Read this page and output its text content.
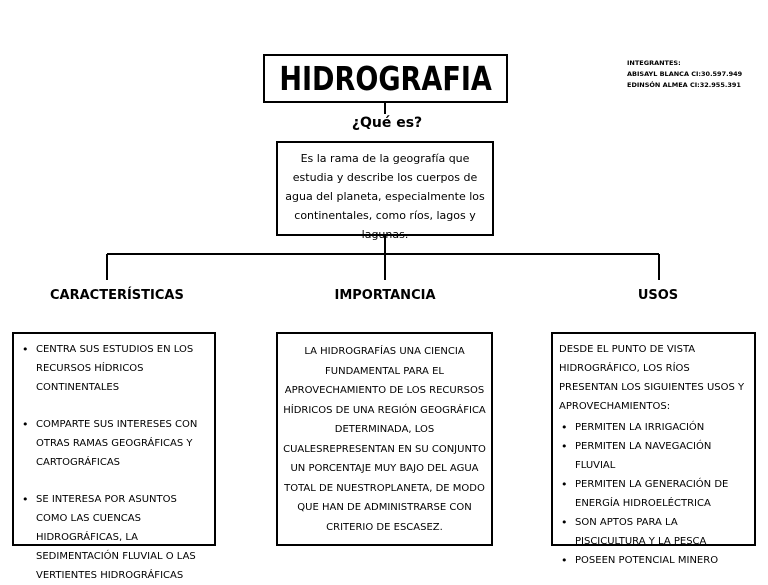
HIDROGRAFIA
¿Qué es?
INTEGRANTES:
ABISAYL BLANCA CI:30.597.949
EDINSÓN ALMEA CI:32.955.391
Es la rama de la geografía que estudia y describe los cuerpos de agua del planeta, especialmente los continentales, como ríos, lagos y lagunas.
CARACTERÍSTICAS	IMPORTANCIA	USOS
• CENTRA SUS ESTUDIOS EN LOS RECURSOS HÍDRICOS CONTINENTALES
• COMPARTE SUS INTERESES CON OTRAS RAMAS GEOGRÁFICAS Y CARTOGRÁFICAS
• SE INTERESA POR ASUNTOS COMO LAS CUENCAS HIDROGRÁFICAS, LA SEDIMENTACIÓN FLUVIAL O LAS VERTIENTES HIDROGRÁFICAS
LA HIDROGRAFÍAS UNA CIENCIA FUNDAMENTAL PARA EL APROVECHAMIENTO DE LOS RECURSOS HÍDRICOS DE UNA REGIÓN GEOGRÁFICA DETERMINADA, LOS CUALESREPRESENTAN EN SU CONJUNTO UN PORCENTAJE MUY BAJO DEL AGUA TOTAL DE NUESTROPLANETA, DE MODO QUE HAN DE ADMINISTRARSE CON CRITERIO DE ESCASEZ.
DESDE EL PUNTO DE VISTA HIDROGRÁFICO, LOS RÍOS PRESENTAN LOS SIGUIENTES USOS Y APROVECHAMIENTOS:
• PERMITEN LA IRRIGACIÓN
• PERMITEN LA NAVEGACIÓN FLUVIAL
• PERMITEN LA GENERACIÓN DE ENERGÍA HIDROELÉCTRICA
• SON APTOS PARA LA PISCICULTURA Y LA PESCA
• POSEEN POTENCIAL MINERO
